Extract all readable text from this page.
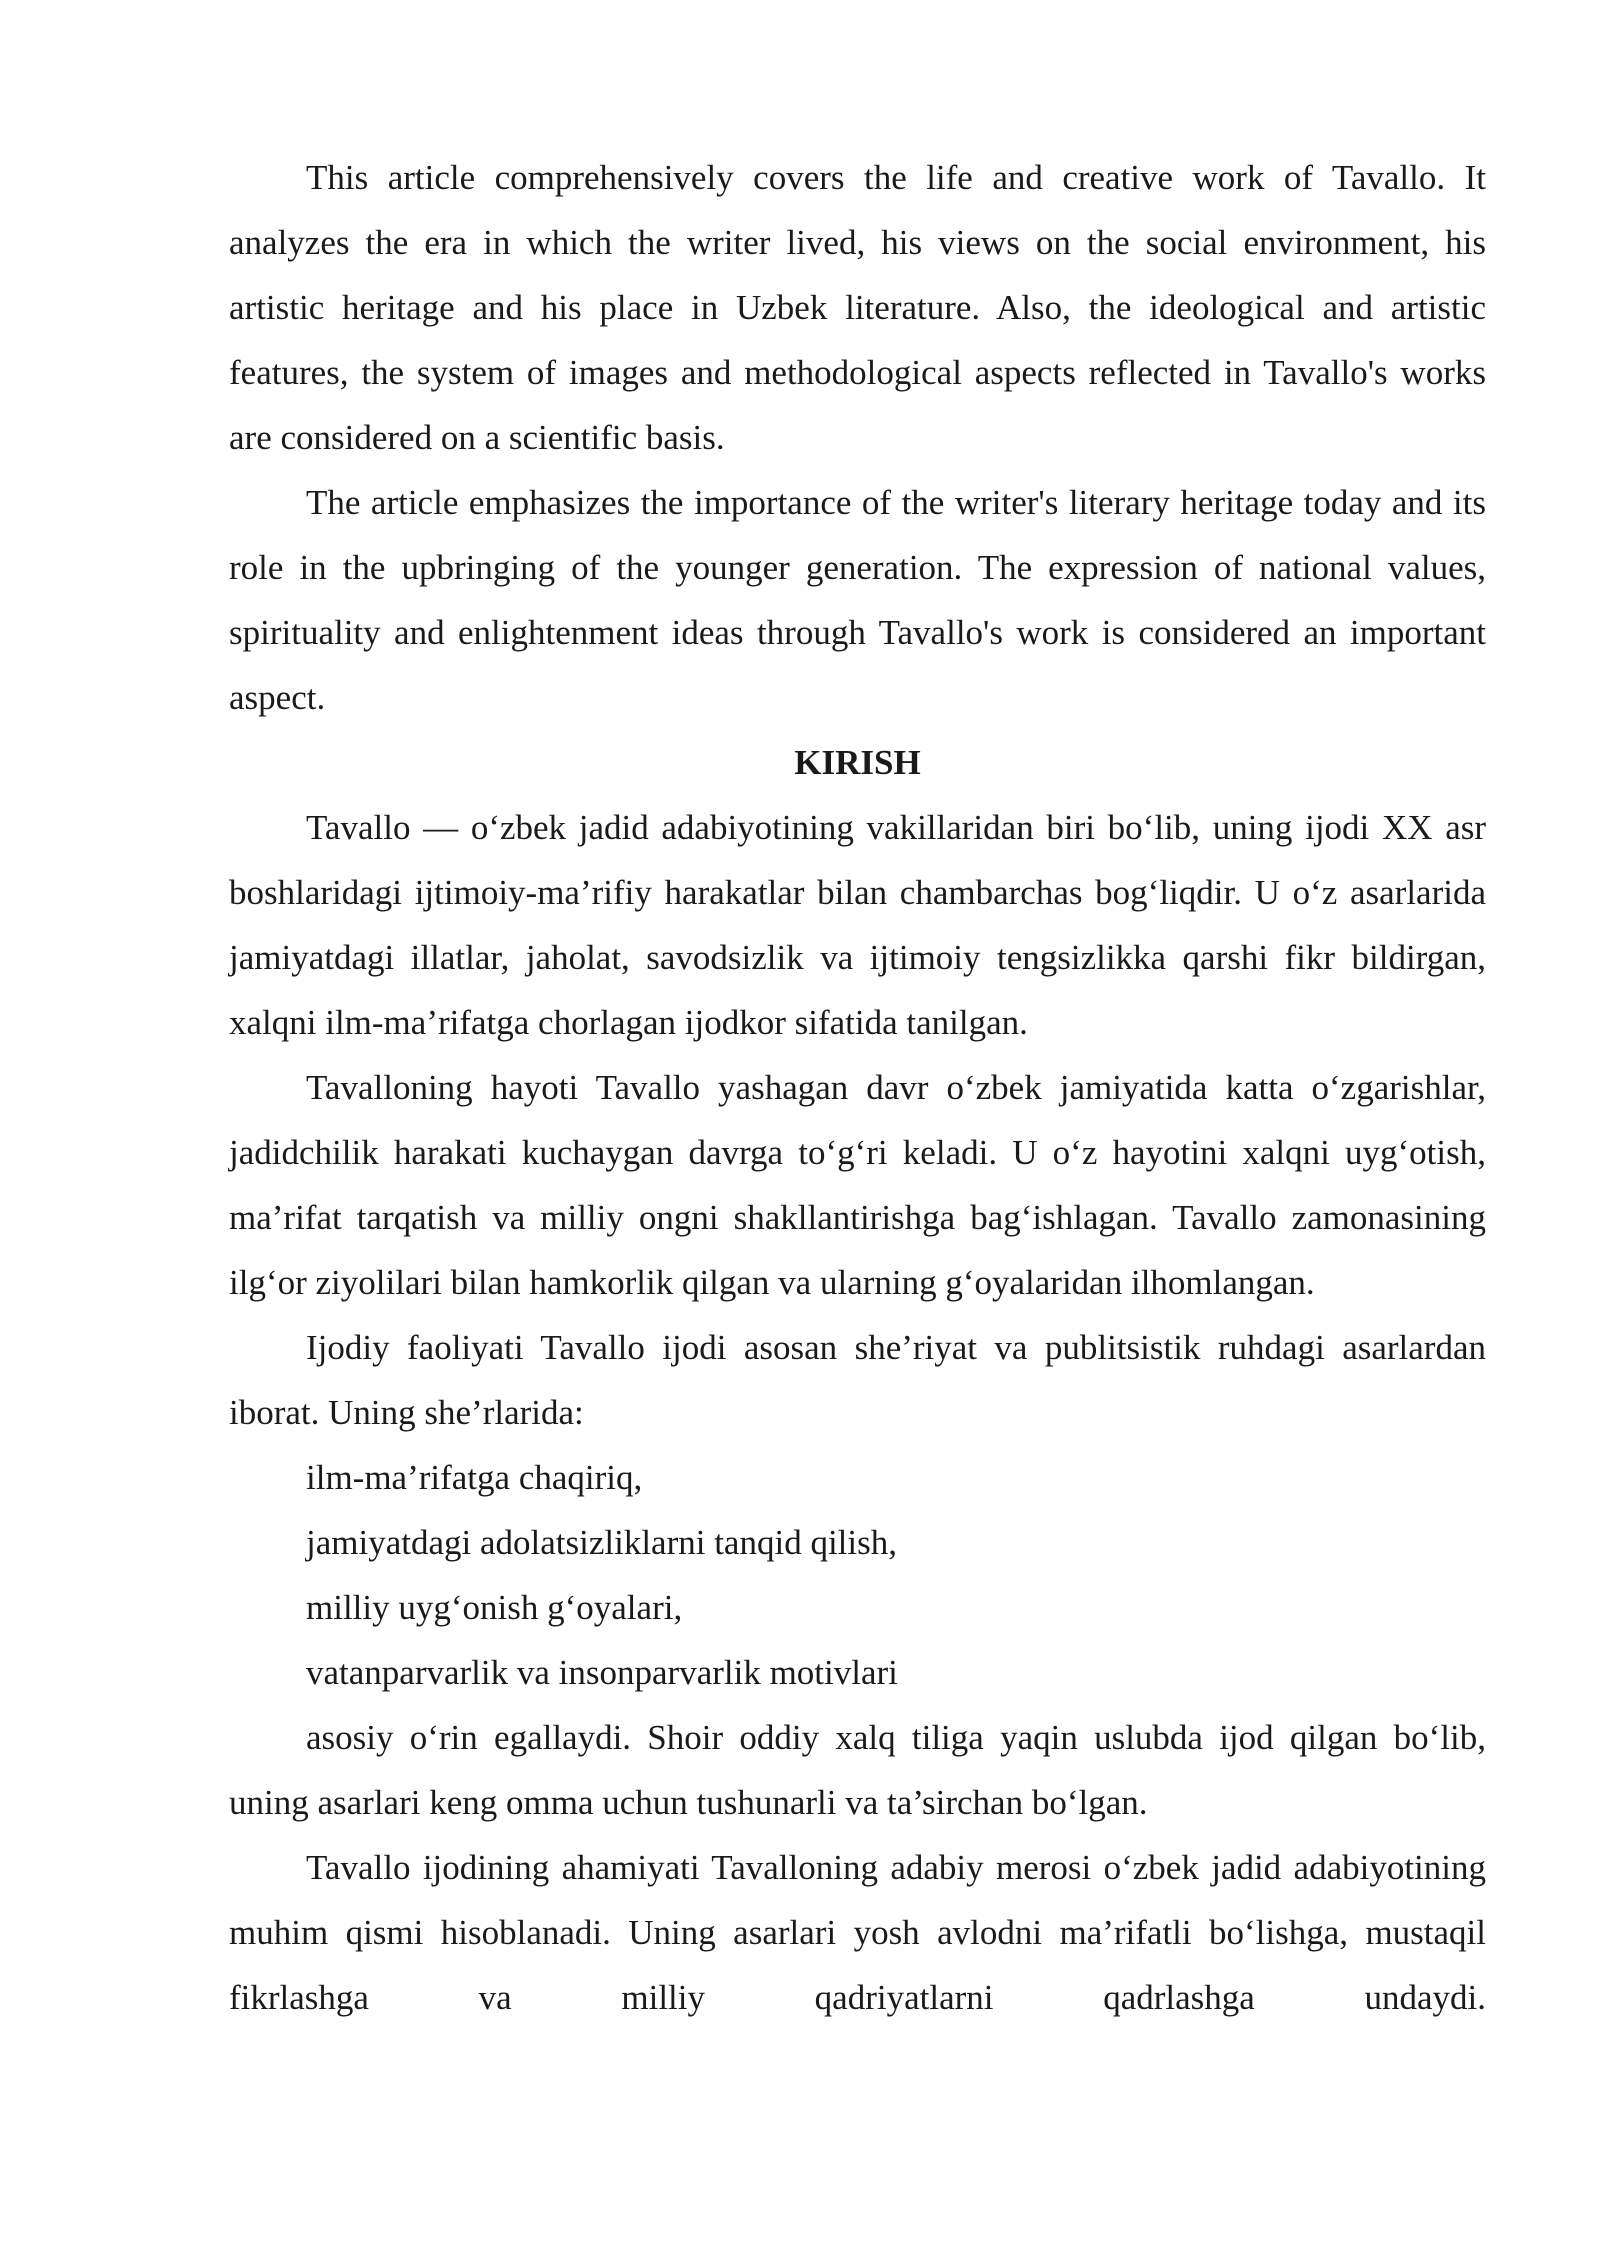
This article comprehensively covers the life and creative work of Tavallo. It analyzes the era in which the writer lived, his views on the social environment, his artistic heritage and his place in Uzbek literature. Also, the ideological and artistic features, the system of images and methodological aspects reflected in Tavallo's works are considered on a scientific basis.

The article emphasizes the importance of the writer's literary heritage today and its role in the upbringing of the younger generation. The expression of national values, spirituality and enlightenment ideas through Tavallo's work is considered an important aspect.

KIRISH

Tavallo — o‘zbek jadid adabiyotining vakillaridan biri bo‘lib, uning ijodi XX asr boshlaridagi ijtimoiy-ma’rifiy harakatlar bilan chambarchas bog‘liqdir. U o‘z asarlarida jamiyatdagi illatlar, jaholat, savodsizlik va ijtimoiy tengsizlikka qarshi fikr bildirgan, xalqni ilm-ma’rifatga chorlagan ijodkor sifatida tanilgan.

Tavalloning hayoti Tavallo yashagan davr o‘zbek jamiyatida katta o‘zgarishlar, jadidchilik harakati kuchaygan davrga to‘g‘ri keladi. U o‘z hayotini xalqni uyg‘otish, ma’rifat tarqatish va milliy ongni shakllantirishga bag‘ishlagan. Tavallo zamonasining ilg‘or ziyolilari bilan hamkorlik qilgan va ularning g‘oyalaridan ilhomlangan.

Ijodiy faoliyati Tavallo ijodi asosan she’riyat va publitsistik ruhdagi asarlardan iborat. Uning she’rlarida:

ilm-ma’rifatga chaqiriq,

jamiyatdagi adolatsizliklarni tanqid qilish,

milliy uyg‘onish g‘oyalari,

vatanparvarlik va insonparvarlik motivlari

asosiy o‘rin egallaydi. Shoir oddiy xalq tiliga yaqin uslubda ijod qilgan bo‘lib, uning asarlari keng omma uchun tushunarli va ta’sirchan bo‘lgan.

Tavallo ijodining ahamiyati Tavalloning adabiy merosi o‘zbek jadid adabiyotining muhim qismi hisoblanadi. Uning asarlari yosh avlodni ma’rifatli bo‘lishga, mustaqil fikrlashga va milliy qadriyatlarni qadrlashga undaydi.
